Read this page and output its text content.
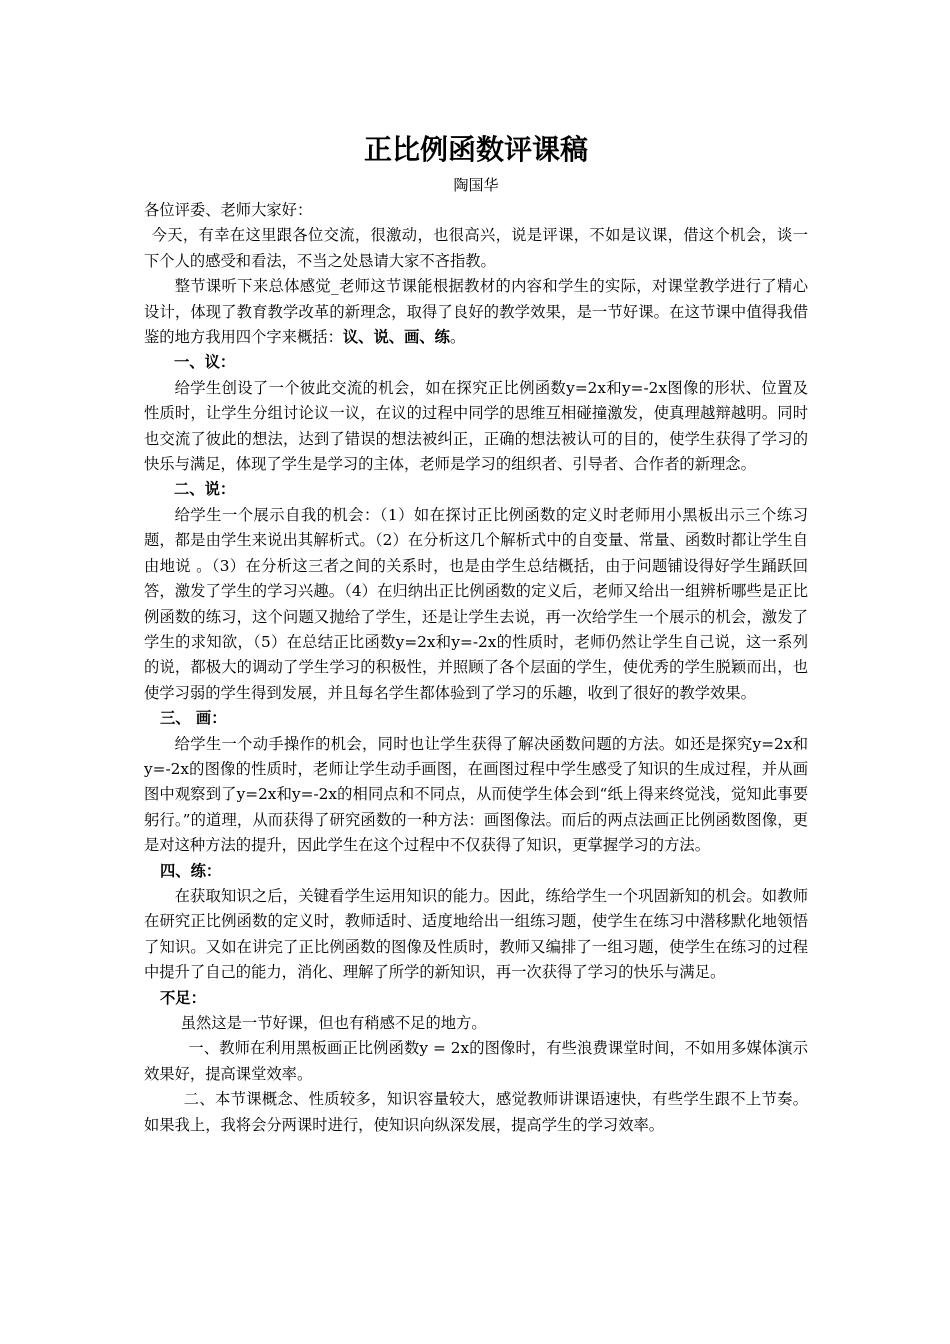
正比例函数评课稿

陶国华

各位评委、老师大家好：

今天，有幸在这里跟各位交流，很激动，也很高兴，说是评课，不如是议课，借这个机会，谈一下个人的感受和看法，不当之处恳请大家不吝指教。

整节课听下来总体感觉_老师这节课能根据教材的内容和学生的实际，对课堂教学进行了精心设计，体现了教育教学改革的新理念，取得了良好的教学效果，是一节好课。在这节课中值得我借鉴的地方我用四个字来概括：议、说、画、练。

一、议：

给学生创设了一个彼此交流的机会，如在探究正比例函数y=2x和y=-2x图像的形状、位置及性质时，让学生分组讨论议一议，在议的过程中同学的思维互相碰撞激发，使真理越辩越明。同时也交流了彼此的想法，达到了错误的想法被纠正，正确的想法被认可的目的，使学生获得了学习的快乐与满足，体现了学生是学习的主体，老师是学习的组织者、引导者、合作者的新理念。

二、说：

给学生一个展示自我的机会：（1）如在探讨正比例函数的定义时老师用小黑板出示三个练习题，都是由学生来说出其解析式。（2）在分析这几个解析式中的自变量、常量、函数时都让学生自由地说 。（3）在分析这三者之间的关系时，也是由学生总结概括，由于问题铺设得好学生踊跃回答，激发了学生的学习兴趣。（4）在归纳出正比例函数的定义后，老师又给出一组辨析哪些是正比例函数的练习，这个问题又抛给了学生，还是让学生去说，再一次给学生一个展示的机会，激发了学生的求知欲，（5）在总结正比函数y=2x和y=-2x的性质时，老师仍然让学生自己说，这一系列的说，都极大的调动了学生学习的积极性，并照顾了各个层面的学生，使优秀的学生脱颖而出，也使学习弱的学生得到发展，并且每名学生都体验到了学习的乐趣，收到了很好的教学效果。

三、 画：

给学生一个动手操作的机会，同时也让学生获得了解决函数问题的方法。如还是探究y=2x和y=-2x的图像的性质时，老师让学生动手画图，在画图过程中学生感受了知识的生成过程，并从画图中观察到了y=2x和y=-2x的相同点和不同点，从而使学生体会到“纸上得来终觉浅，觉知此事要躬行。”的道理，从而获得了研究函数的一种方法：画图像法。而后的两点法画正比例函数图像，更是对这种方法的提升，因此学生在这个过程中不仅获得了知识，更掌握学习的方法。

四、练：

在获取知识之后，关键看学生运用知识的能力。因此，练给学生一个巩固新知的机会。如教师在研究正比例函数的定义时，教师适时、适度地给出一组练习题，使学生在练习中潜移默化地领悟了知识。又如在讲完了正比例函数的图像及性质时，教师又编排了一组习题，使学生在练习的过程中提升了自己的能力，消化、理解了所学的新知识，再一次获得了学习的快乐与满足。

不足：

虽然这是一节好课，但也有稍感不足的地方。

一、教师在利用黑板画正比例函数y = 2x的图像时，有些浪费课堂时间，不如用多媒体演示效果好，提高课堂效率。

二、本节课概念、性质较多，知识容量较大，感觉教师讲课语速快，有些学生跟不上节奏。如果我上，我将会分两课时进行，使知识向纵深发展，提高学生的学习效率。
